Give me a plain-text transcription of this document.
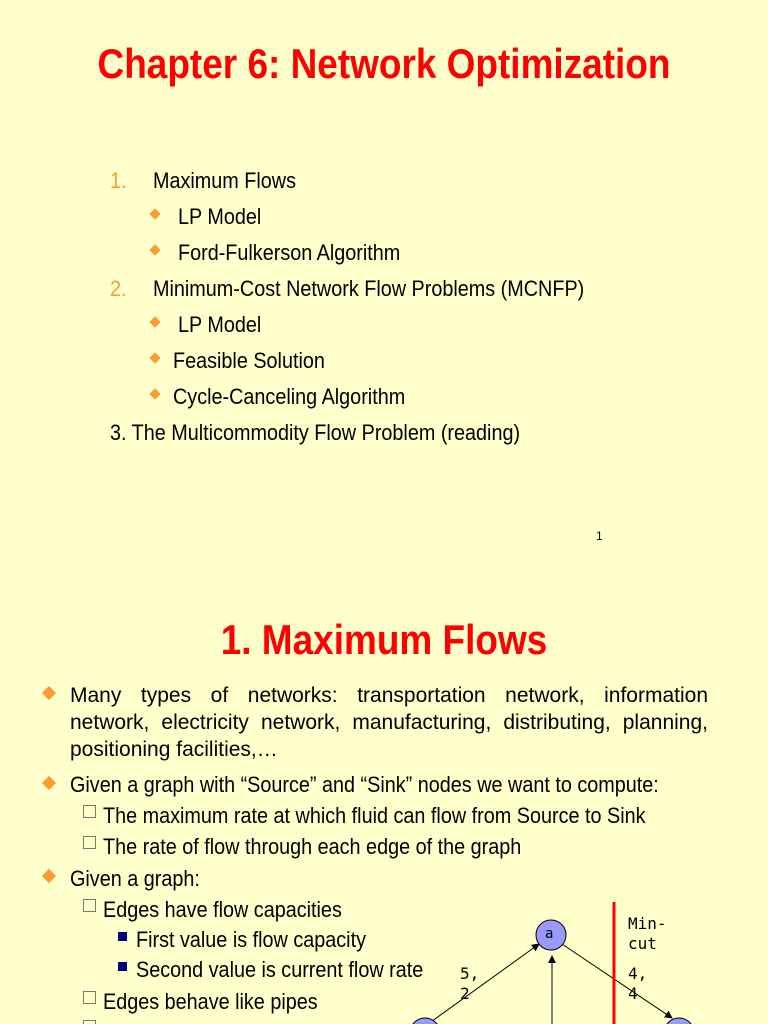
Chapter 6: Network Optimization
1. Maximum Flows
LP Model
Ford-Fulkerson Algorithm
2. Minimum-Cost Network Flow Problems (MCNFP)
LP Model
Feasible Solution
Cycle-Canceling Algorithm
3. The Multicommodity Flow Problem (reading)
1
1. Maximum Flows
Many types of networks: transportation network, information network, electricity network, manufacturing, distributing, planning, positioning facilities,…
Given a graph with “Source” and “Sink” nodes we want to compute:
The maximum rate at which fluid can flow from Source to Sink
The rate of flow through each edge of the graph
Given a graph:
Edges have flow capacities
First value is flow capacity
Second value is current flow rate
Edges behave like pipes
a
Min-cut
5, 2
4, 4
